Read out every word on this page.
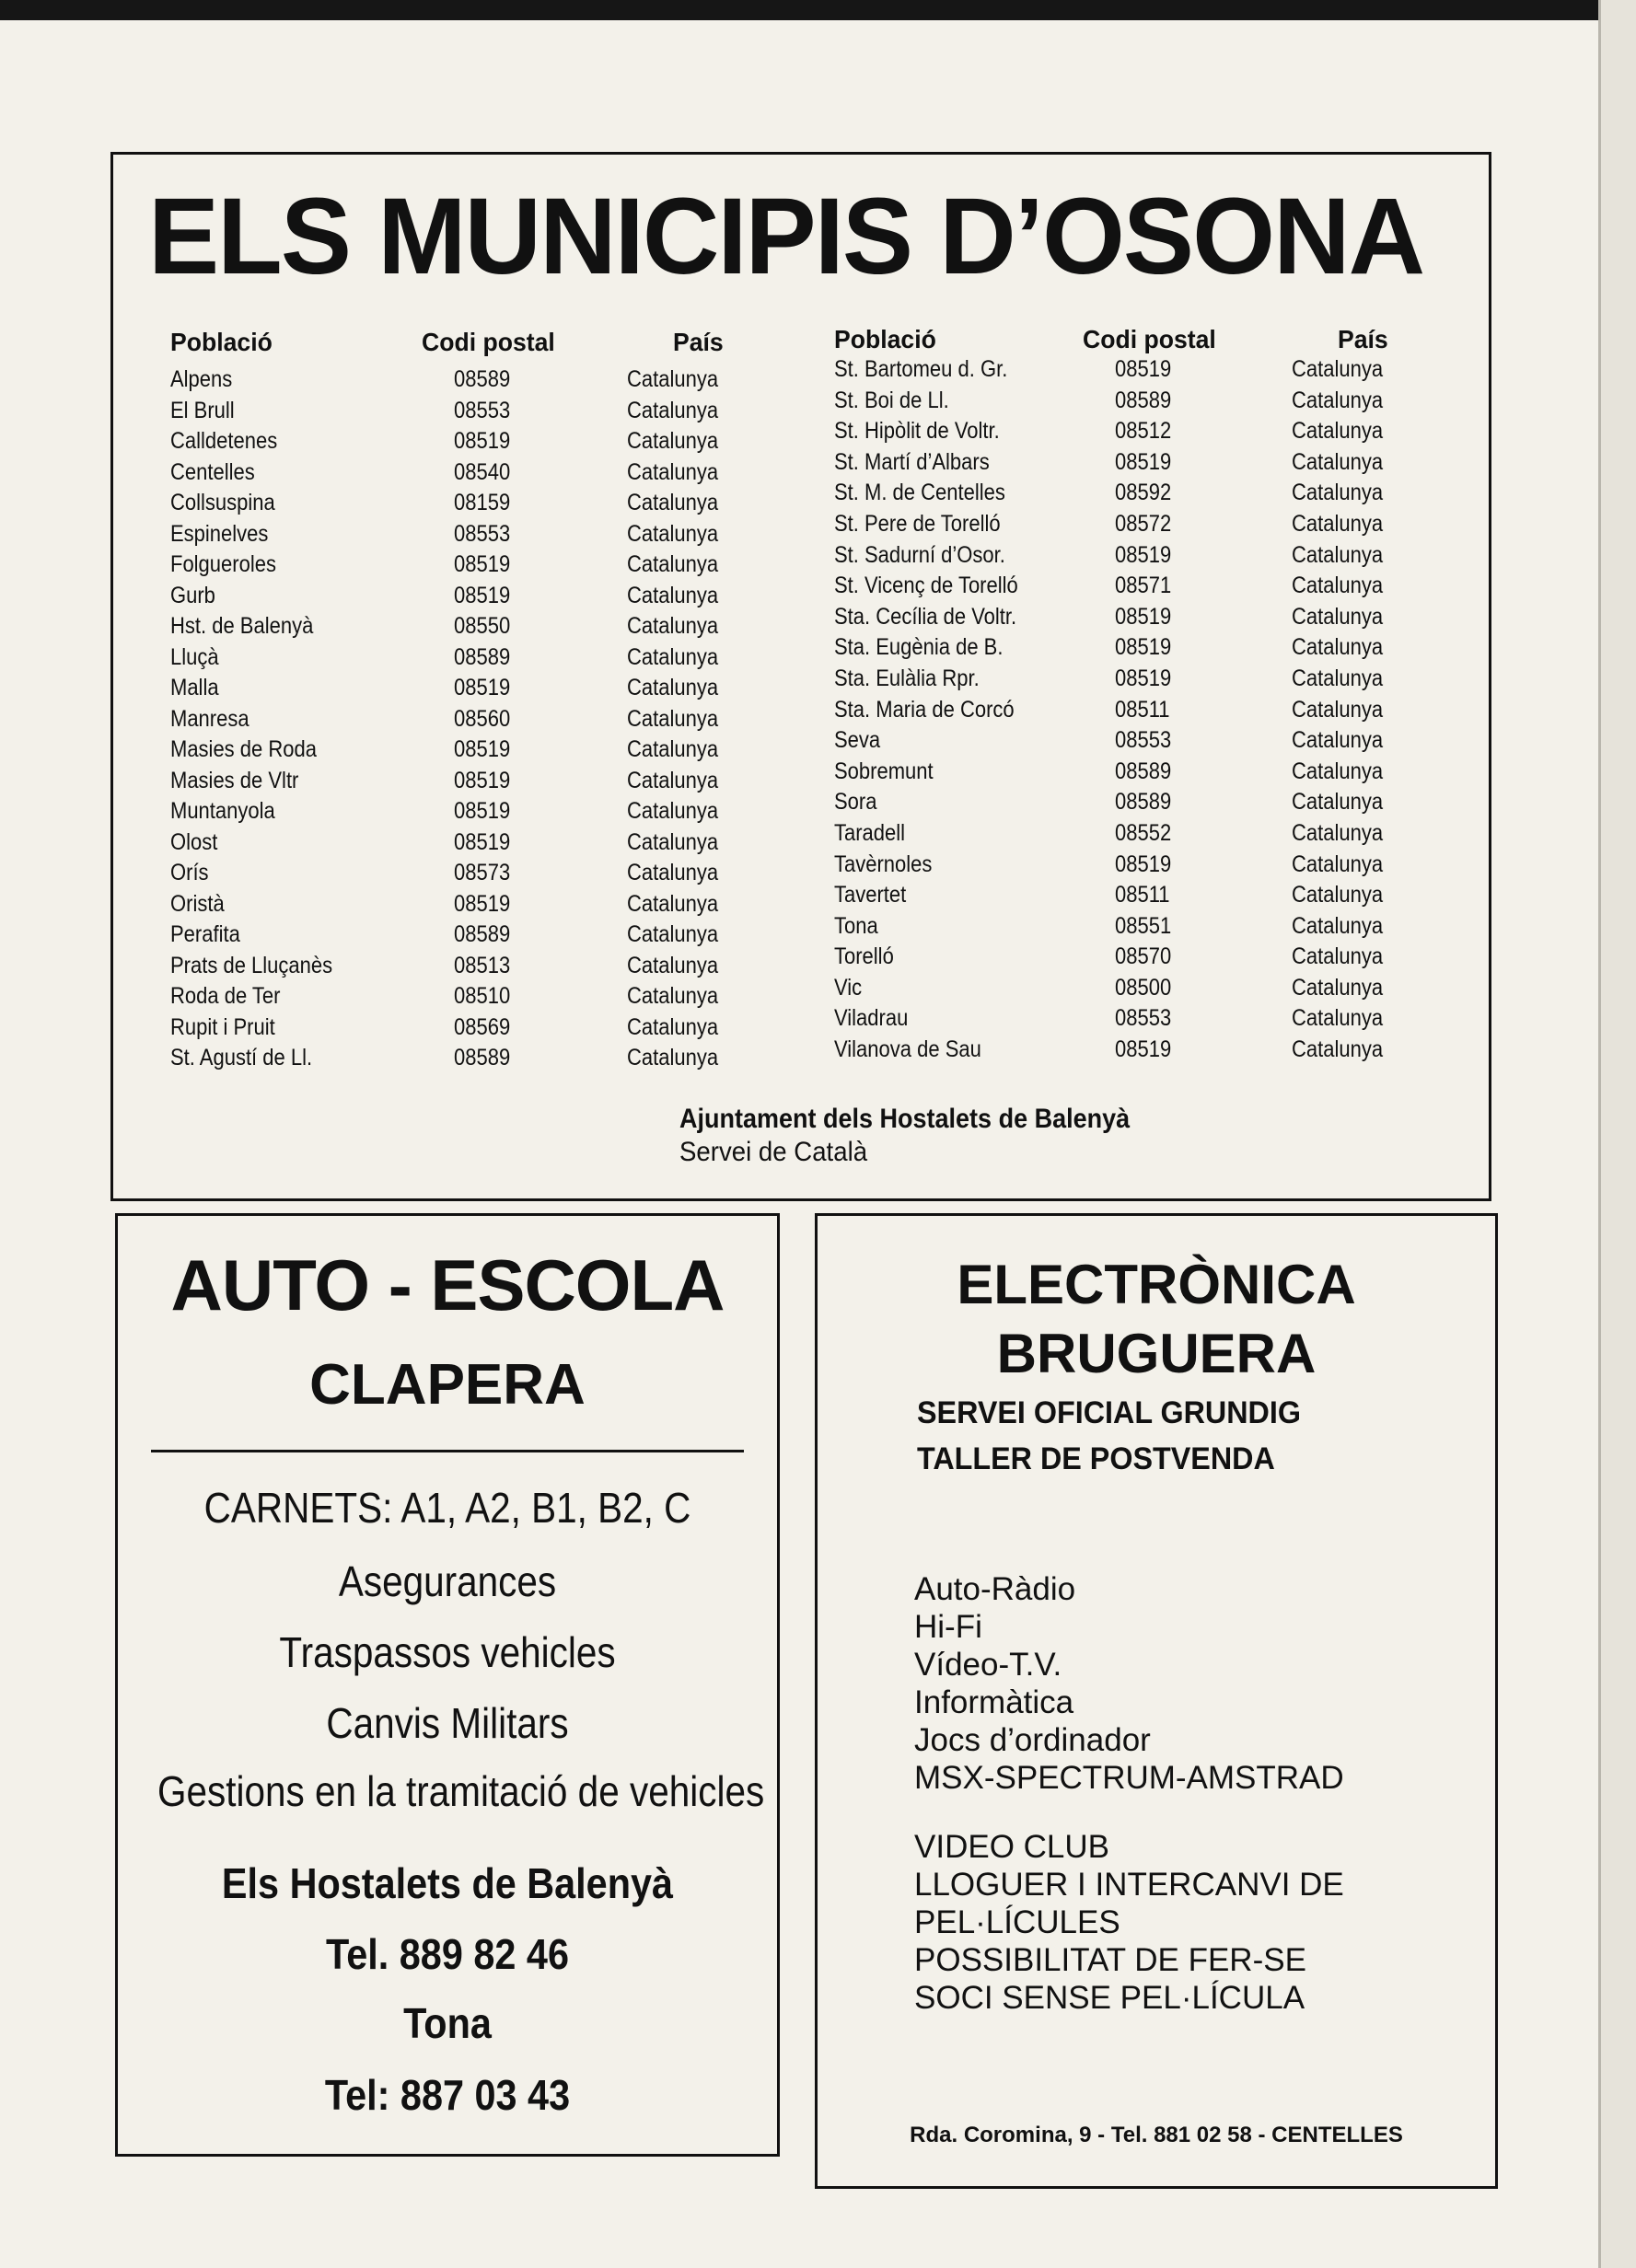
ELS MUNICIPIS D’OSONA
Població
Alpens
El Brull
Calldetenes
Centelles
Collsuspina
Espinelves
Folgueroles
Gurb
Hst. de Balenyà
Lluçà
Malla
Manresa
Masies de Roda
Masies de Vltr
Muntanyola
Olost
Orís
Oristà
Perafita
Prats de Lluçanès
Roda de Ter
Rupit i Pruit
St. Agustí de Ll.
Codi postal
08589
08553
08519
08540
08159
08553
08519
08519
08550
08589
08519
08560
08519
08519
08519
08519
08573
08519
08589
08513
08510
08569
08589
País
Catalunya
Catalunya
Catalunya
Catalunya
Catalunya
Catalunya
Catalunya
Catalunya
Catalunya
Catalunya
Catalunya
Catalunya
Catalunya
Catalunya
Catalunya
Catalunya
Catalunya
Catalunya
Catalunya
Catalunya
Catalunya
Catalunya
Catalunya
Població
St. Bartomeu d. Gr.
St. Boi de Ll.
St. Hipòlit de Voltr.
St. Martí d’Albars
St. M. de Centelles
St. Pere de Torelló
St. Sadurní d’Osor.
St. Vicenç de Torelló
Sta. Cecília de Voltr.
Sta. Eugènia de B.
Sta. Eulàlia Rpr.
Sta. Maria de Corcó
Seva
Sobremunt
Sora
Taradell
Tavèrnoles
Tavertet
Tona
Torelló
Vic
Viladrau
Vilanova de Sau
Codi postal
08519
08589
08512
08519
08592
08572
08519
08571
08519
08519
08519
08511
08553
08589
08589
08552
08519
08511
08551
08570
08500
08553
08519
País
Catalunya
Catalunya
Catalunya
Catalunya
Catalunya
Catalunya
Catalunya
Catalunya
Catalunya
Catalunya
Catalunya
Catalunya
Catalunya
Catalunya
Catalunya
Catalunya
Catalunya
Catalunya
Catalunya
Catalunya
Catalunya
Catalunya
Catalunya
Ajuntament dels Hostalets de Balenyà
Servei de Català
AUTO - ESCOLA
CLAPERA
CARNETS: A1, A2, B1, B2, C
Asegurances
Traspassos vehicles
Canvis Militars
Gestions en la tramitació de vehicles
Els Hostalets de Balenyà
Tel. 889 82 46
Tona
Tel: 887 03 43
ELECTRÒNICA
BRUGUERA
SERVEI OFICIAL GRUNDIG
TALLER DE POSTVENDA
Auto-Ràdio
Hi-Fi
Vídeo-T.V.
Informàtica
Jocs d’ordinador
MSX-SPECTRUM-AMSTRAD
VIDEO CLUB
LLOGUER I INTERCANVI DE
PEL·LÍCULES
POSSIBILITAT DE FER-SE
SOCI SENSE PEL·LÍCULA
Rda. Coromina, 9 - Tel. 881 02 58 - CENTELLES
